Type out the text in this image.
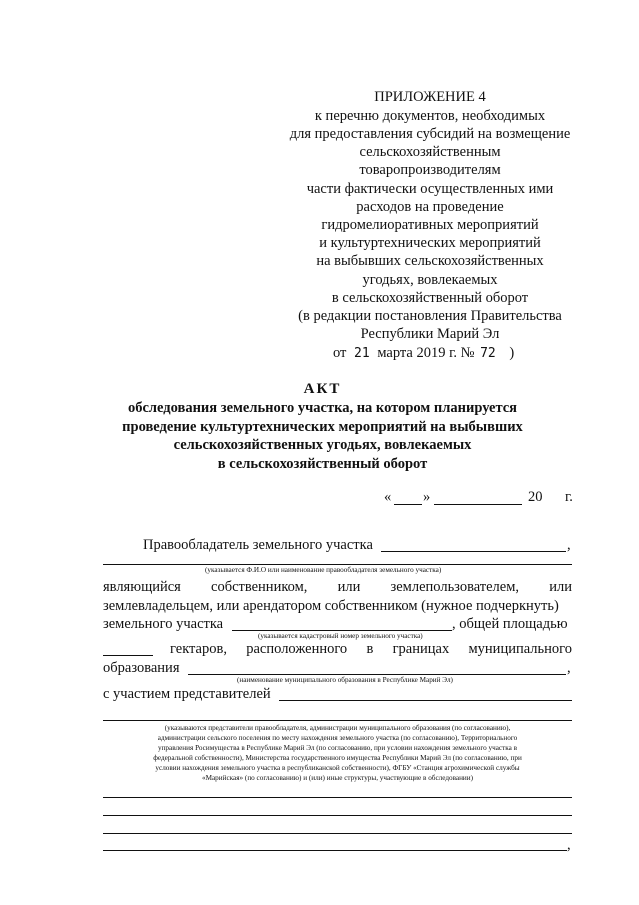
ПРИЛОЖЕНИЕ 4
к перечню документов, необходимых
для предоставления субсидий на возмещение
сельскохозяйственным
товаропроизводителям
части фактически осуществленных ими
расходов на проведение
гидромелиоративных мероприятий
и культуртехнических мероприятий
на выбывших сельскохозяйственных
угодьях, вовлекаемых
в сельскохозяйственный оборот
(в редакции постановления Правительства
Республики Марий Эл
от 21 марта 2019 г. № 72 )
АКТ
обследования земельного участка, на котором планируется
проведение культуртехнических мероприятий на выбывших
сельскохозяйственных угодьях, вовлекаемых
в сельскохозяйственный оборот
« »	20 г.
Правообладатель земельного участка	,
(указывается Ф.И.О или наименование правообладателя земельного участка)
являющийся собственником, или землепользователем, или
землевладельцем, или арендатором собственником (нужное подчеркнуть)
земельного участка	, общей площадью
(указывается кадастровый номер земельного участка)
гектаров, расположенного в границах муниципального
образования	,
(наименование муниципального образования в Республике Марий Эл)
с участием представителей
(указываются представители правообладателя, администрации муниципального образования (по согласованию),
администрации сельского поселения по месту нахождения земельного участка (по согласованию), Территориального
управления Росимущества в Республике Марий Эл (по согласованию, при условии нахождения земельного участка в
федеральной собственности), Министерства государственного имущества Республики Марий Эл (по согласованию, при
условии нахождения земельного участка в республиканской собственности), ФГБУ «Станция агрохимической службы
«Марийская» (по согласованию) и (или) иные структуры, участвующие в обследовании)
,
